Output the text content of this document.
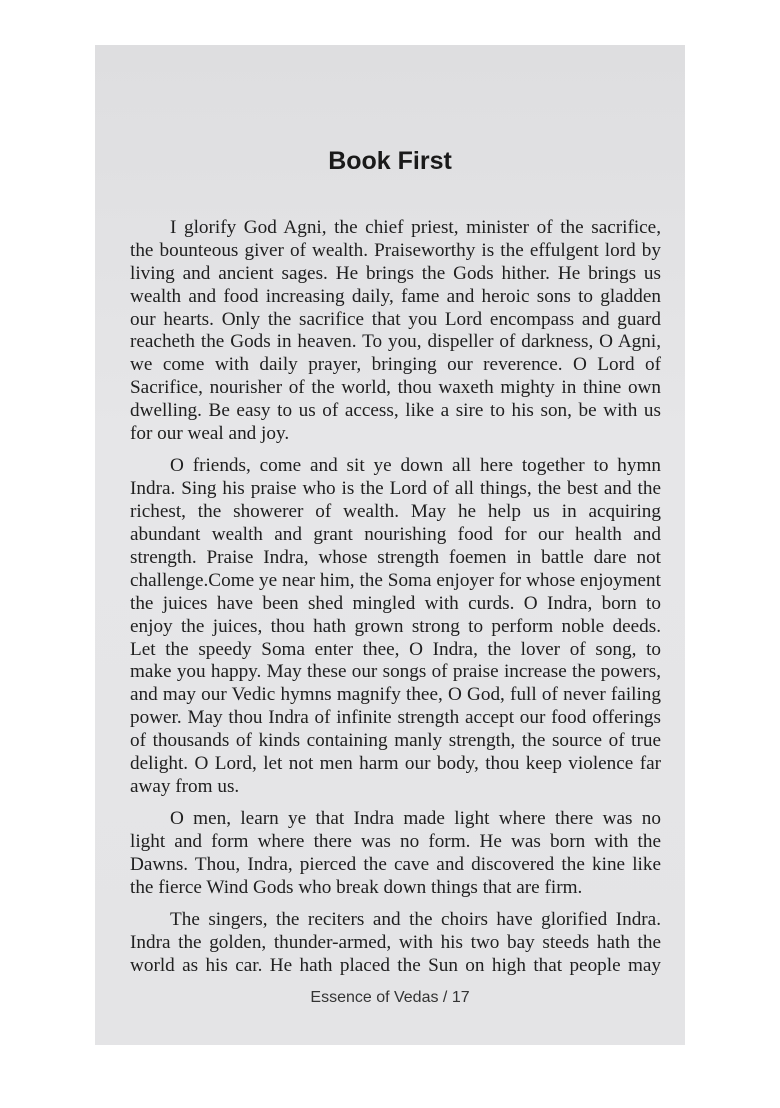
Book First

I glorify God Agni, the chief priest, minister of the sacrifice,
the bounteous giver of wealth. Praiseworthy is the effulgent lord by
living and ancient sages. He brings the Gods hither. He brings us
wealth and food increasing daily, fame and heroic sons to gladden
our hearts. Only the sacrifice that you Lord encompass and guard
reacheth the Gods in heaven. To you, dispeller of darkness, O Agni,
we come with daily prayer, bringing our reverence. O Lord of
Sacrifice, nourisher of the world, thou waxeth mighty in thine own
dwelling. Be easy to us of access, like a sire to his son, be with us
for our weal and joy.

O friends, come and sit ye down all here together to hymn
Indra. Sing his praise who is the Lord of all things, the best and the
richest, the showerer of wealth. May he help us in acquiring
abundant wealth and grant nourishing food for our health and
strength. Praise Indra, whose strength foemen in battle dare not
challenge.Come ye near him, the Soma enjoyer for whose enjoyment
the juices have been shed mingled with curds. O Indra, born to
enjoy the juices, thou hath grown strong to perform noble deeds.
Let the speedy Soma enter thee, O Indra, the lover of song, to
make you happy. May these our songs of praise increase the powers,
and may our Vedic hymns magnify thee, O God, full of never failing
power. May thou Indra of infinite strength accept our food offerings
of thousands of kinds containing manly strength, the source of true
delight. O Lord, let not men harm our body, thou keep violence far
away from us.

O men, learn ye that Indra made light where there was no
light and form where there was no form. He was born with the
Dawns. Thou, Indra, pierced the cave and discovered the kine like
the fierce Wind Gods who break down things that are firm.

The singers, the reciters and the choirs have glorified Indra.
Indra the golden, thunder-armed, with his two bay steeds hath the
world as his car. He hath placed the Sun on high that people may

Essence of Vedas / 17
